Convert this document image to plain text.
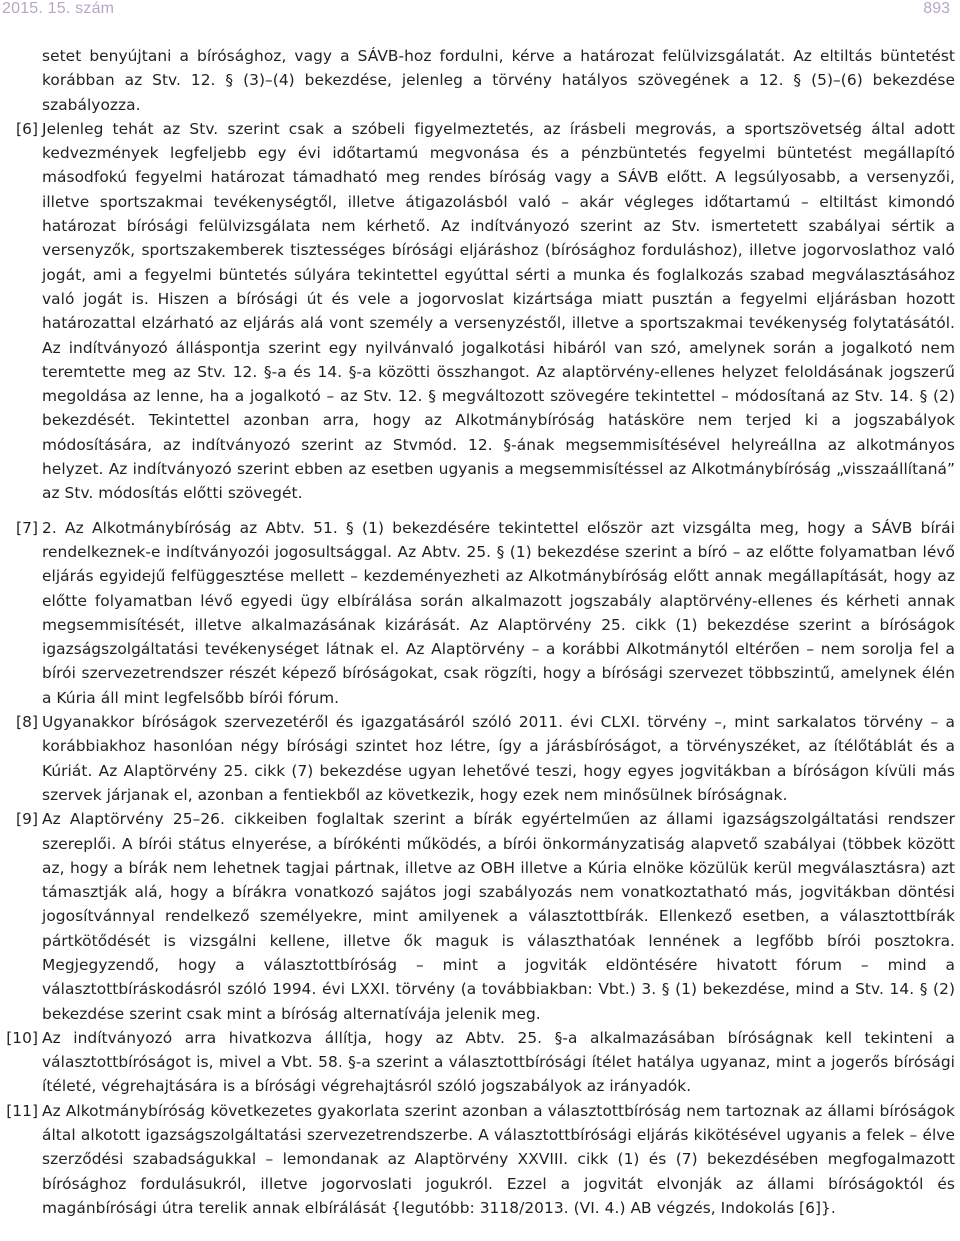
2015. 15. szám	893
setet benyújtani a bírósághoz, vagy a SÁVB-hoz fordulni, kérve a határozat felülvizsgálatát. Az eltiltás büntetést korábban az Stv. 12. § (3)–(4) bekezdése, jelenleg a törvény hatályos szövegének a 12. § (5)–(6) bekezdése szabályozza.
[6] Jelenleg tehát az Stv. szerint csak a szóbeli figyelmeztetés, az írásbeli megrovás, a sportszövetség által adott kedvezmények legfeljebb egy évi időtartamú megvonása és a pénzbüntetés fegyelmi büntetést megállapító másodfokú fegyelmi határozat támadható meg rendes bíróság vagy a SÁVB előtt. A legsúlyosabb, a versenyzői, illetve sportszakmai tevékenységtől, illetve átigazolásból való – akár végleges időtartamú – eltiltást kimondó határozat bírósági felülvizsgálata nem kérhető. Az indítványozó szerint az Stv. ismertetett szabályai sértik a versenyzők, sportszakemberek tisztességes bírósági eljáráshoz (bírósághoz forduláshoz), illetve jogorvoslathoz való jogát, ami a fegyelmi büntetés súlyára tekintettel egyúttal sérti a munka és foglalkozás szabad megválasztásához való jogát is. Hiszen a bírósági út és vele a jogorvoslat kizártsága miatt pusztán a fegyelmi eljárásban hozott határozattal elzárható az eljárás alá vont személy a versenyzéstől, illetve a sportszakmai tevékenység folytatásától. Az indítványozó álláspontja szerint egy nyilvánvaló jogalkotási hibáról van szó, amelynek során a jogalkotó nem teremtette meg az Stv. 12. §-a és 14. §-a közötti összhangot. Az alaptörvény-ellenes helyzet feloldásának jogszerű megoldása az lenne, ha a jogalkotó – az Stv. 12. § megváltozott szövegére tekintettel – módosítaná az Stv. 14. § (2) bekezdését. Tekintettel azonban arra, hogy az Alkotmánybíróság hatásköre nem terjed ki a jogszabályok módosítására, az indítványozó szerint az Stvmód. 12. §-ának megsemmisítésével helyreállna az alkotmányos helyzet. Az indítványozó szerint ebben az esetben ugyanis a megsemmisítéssel az Alkotmánybíróság „visszaállítaná” az Stv. módosítás előtti szövegét.
[7] 2. Az Alkotmánybíróság az Abtv. 51. § (1) bekezdésére tekintettel először azt vizsgálta meg, hogy a SÁVB bírái rendelkeznek-e indítványozói jogosultsággal. Az Abtv. 25. § (1) bekezdése szerint a bíró – az előtte folyamatban lévő eljárás egyidejű felfüggesztése mellett – kezdeményezheti az Alkotmánybíróság előtt annak megállapítását, hogy az előtte folyamatban lévő egyedi ügy elbírálása során alkalmazott jogszabály alaptörvény-ellenes és kérheti annak megsemmisítését, illetve alkalmazásának kizárását. Az Alaptörvény 25. cikk (1) bekezdése szerint a bíróságok igazságszolgáltatási tevékenységet látnak el. Az Alaptörvény – a korábbi Alkotmánytól eltérően – nem sorolja fel a bírói szervezetrendszer részét képező bíróságokat, csak rögzíti, hogy a bírósági szervezet többszintű, amelynek élén a Kúria áll mint legfelsőbb bírói fórum.
[8] Ugyanakkor bíróságok szervezetéről és igazgatásáról szóló 2011. évi CLXI. törvény –, mint sarkalatos törvény – a korábbiakhoz hasonlóan négy bírósági szintet hoz létre, így a járásbíróságot, a törvényszéket, az ítélőtáblát és a Kúriát. Az Alaptörvény 25. cikk (7) bekezdése ugyan lehetővé teszi, hogy egyes jogvitákban a bíróságon kívüli más szervek járjanak el, azonban a fentiekből az következik, hogy ezek nem minősülnek bíróságnak.
[9] Az Alaptörvény 25–26. cikkeiben foglaltak szerint a bírák egyértelműen az állami igazságszolgáltatási rendszer szereplői. A bírói státus elnyerése, a bírókénti működés, a bírói önkormányzatiság alapvető szabályai (többek között az, hogy a bírák nem lehetnek tagjai pártnak, illetve az OBH illetve a Kúria elnöke közülük kerül megválasztásra) azt támasztják alá, hogy a bírákra vonatkozó sajátos jogi szabályozás nem vonatkoztatható más, jogvitákban döntési jogosítvánnyal rendelkező személyekre, mint amilyenek a választottbírák. Ellenkező esetben, a választottbírák pártkötődését is vizsgálni kellene, illetve ők maguk is választhatóak lennének a legfőbb bírói posztokra. Megjegyzendő, hogy a választottbíróság – mint a jogviták eldöntésére hivatott fórum – mind a választottbíráskodásról szóló 1994. évi LXXI. törvény (a továbbiakban: Vbt.) 3. § (1) bekezdése, mind a Stv. 14. § (2) bekezdése szerint csak mint a bíróság alternatívája jelenik meg.
[10] Az indítványozó arra hivatkozva állítja, hogy az Abtv. 25. §-a alkalmazásában bíróságnak kell tekinteni a választottbíróságot is, mivel a Vbt. 58. §-a szerint a választottbírósági ítélet hatálya ugyanaz, mint a jogerős bírósági ítéleté, végrehajtására is a bírósági végrehajtásról szóló jogszabályok az irányadók.
[11] Az Alkotmánybíróság következetes gyakorlata szerint azonban a választottbíróság nem tartoznak az állami bíróságok által alkotott igazságszolgáltatási szervezetrendszerbe. A választottbírósági eljárás kikötésével ugyanis a felek – élve szerződési szabadságukkal – lemondanak az Alaptörvény XXVIII. cikk (1) és (7) bekezdésében megfogalmazott bírósághoz fordulásukról, illetve jogorvoslati jogukról. Ezzel a jogvitát elvonják az állami bíróságoktól és magánbírósági útra terelik annak elbírálását {legutóbb: 3118/2013. (VI. 4.) AB végzés, Indokolás [6]}.
